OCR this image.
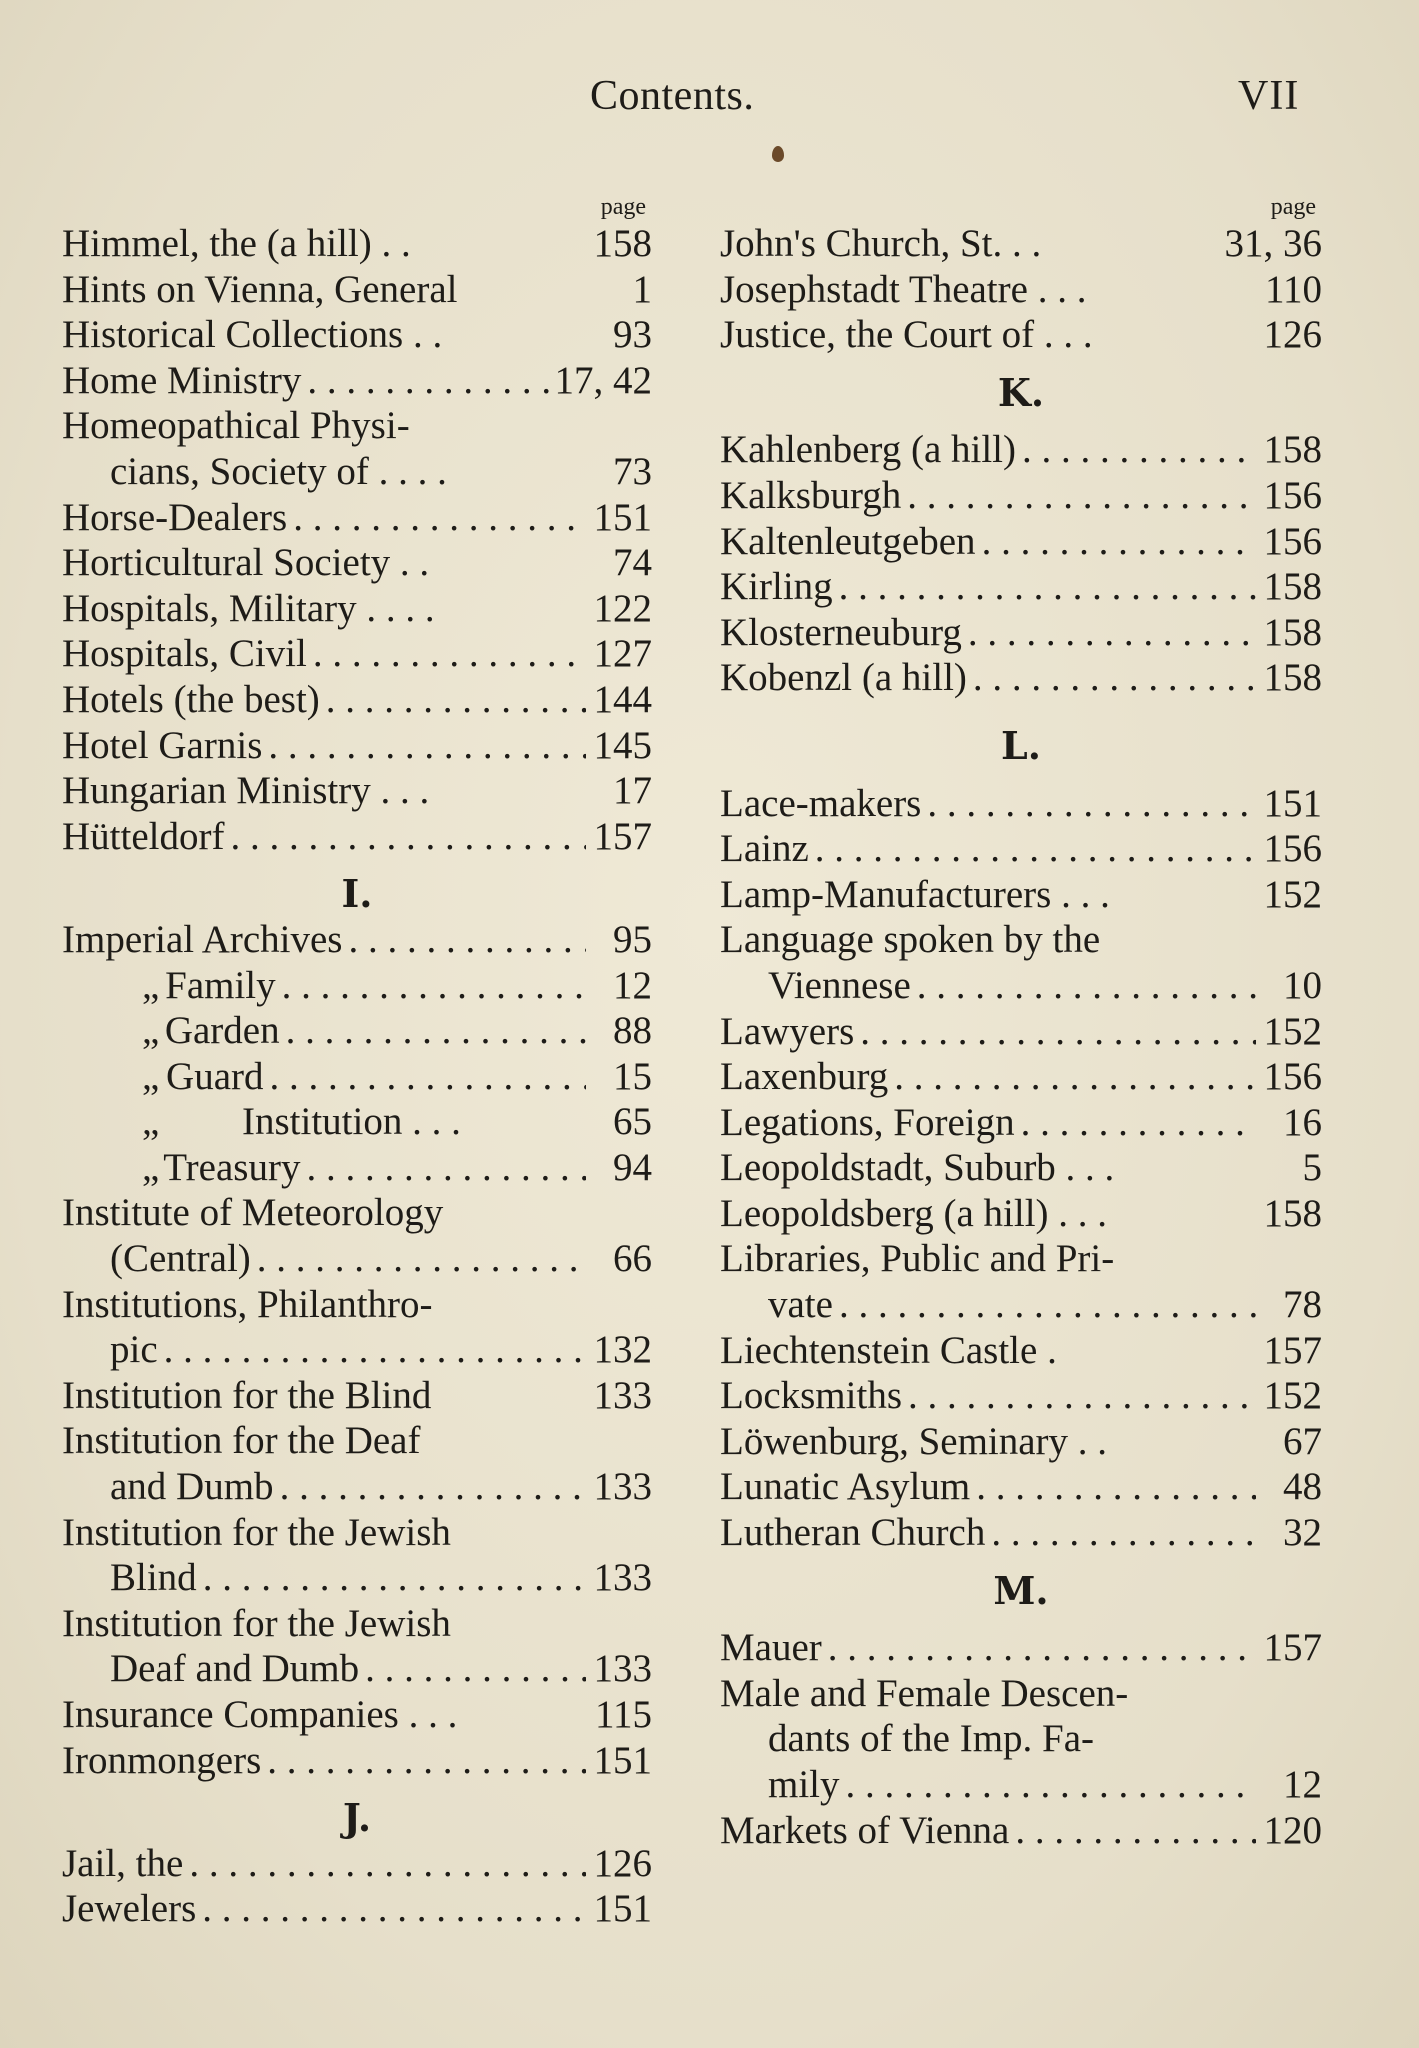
Contents.	VII
page
Himmel, the (a hill) . .	158
Hints on Vienna, General	1
Historical Collections . .	93
Home Ministry . . .	17, 42
Homeopathical Physi-
cians, Society of . . . .	73
Horse-Dealers . . .	151
Horticultural Society . .	74
Hospitals, Military . . . .	122
Hospitals, Civil . . .	127
Hotels (the best) . . .	144
Hotel Garnis . . .	145
Hungarian Ministry . . .	17
Hütteldorf . . .	157
I.
Imperial Archives . . .	95
„ Family . . .	12
„ Garden . . .	88
„ Guard . . .	15
„	Institution . . .	65
„ Treasury . . .	94
Institute of Meteorology
(Central) . . .	66
Institutions, Philanthro-
pic . . .	132
Institution for the Blind	133
Institution for the Deaf
and Dumb . . .	133
Institution for the Jewish
Blind . . .	133
Institution for the Jewish
Deaf and Dumb . . .	133
Insurance Companies . . .	115
Ironmongers . . .	151
J.
Jail, the . . .	126
Jewelers . . .	151
page
John's Church, St. . .	31, 36
Josephstadt Theatre . . .	110
Justice, the Court of . . .	126
K.
Kahlenberg (a hill) . . .	158
Kalksburgh . . .	156
Kaltenleutgeben . . .	156
Kirling . . .	158
Klosterneuburg . . .	158
Kobenzl (a hill) . . .	158
L.
Lace-makers . . .	151
Lainz . . .	156
Lamp-Manufacturers . . .	152
Language spoken by the
Viennese . . .	10
Lawyers . . .	152
Laxenburg . . .	156
Legations, Foreign . . .	16
Leopoldstadt, Suburb . . .	5
Leopoldsberg (a hill) . . .	158
Libraries, Public and Pri-
vate . . .	78
Liechtenstein Castle .	157
Locksmiths . . .	152
Löwenburg, Seminary . .	67
Lunatic Asylum . . .	48
Lutheran Church . . .	32
M.
Mauer . . .	157
Male and Female Descen-
dants of the Imp. Fa-
mily . . .	12
Markets of Vienna . . .	120
